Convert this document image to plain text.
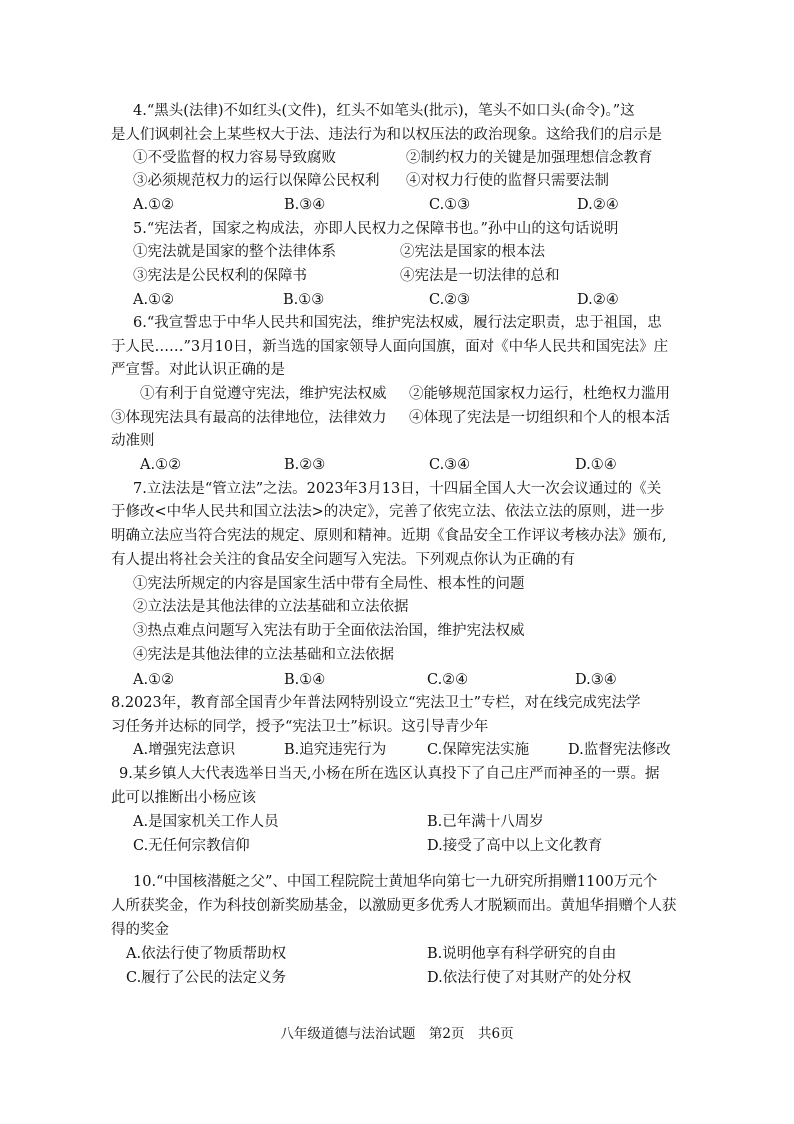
4.“黑头(法律)不如红头(文件)，红头不如笔头(批示)，笔头不如口头(命令)。”这
是人们讽刺社会上某些权大于法、违法行为和以权压法的政治现象。这给我们的启示是
①不受监督的权力容易导致腐败	②制约权力的关键是加强理想信念教育
③必须规范权力的运行以保障公民权利 ④对权力行使的监督只需要法制
A.①②	B.③④	C.①③	D.②④
5.“宪法者，国家之构成法，亦即人民权力之保障书也。”孙中山的这句话说明
①宪法就是国家的整个法律体系	②宪法是国家的根本法
③宪法是公民权利的保障书	④宪法是一切法律的总和
A.①②	B.①③	C.②③	D.②④
6.“我宣誓忠于中华人民共和国宪法，维护宪法权威，履行法定职责，忠于祖国，忠
于人民……”3月10日，新当选的国家领导人面向国旗，面对《中华人民共和国宪法》庄
严宣誓。对此认识正确的是
①有利于自觉遵守宪法，维护宪法权威 ②能够规范国家权力运行，杜绝权力滥用
③体现宪法具有最高的法律地位，法律效力 ④体现了宪法是一切组织和个人的根本活
动准则
A.①②	B.②③	C.③④	D.①④
7.立法法是“管立法”之法。2023年3月13日，十四届全国人大一次会议通过的《关
于修改<中华人民共和国立法法>的决定》，完善了依宪立法、依法立法的原则，进一步
明确立法应当符合宪法的规定、原则和精神。近期《食品安全工作评议考核办法》颁布,
有人提出将社会关注的食品安全问题写入宪法。下列观点你认为正确的有
①宪法所规定的内容是国家生活中带有全局性、根本性的问题
②立法法是其他法律的立法基础和立法依据
③热点难点问题写入宪法有助于全面依法治国，维护宪法权威
④宪法是其他法律的立法基础和立法依据
A.①②	B.①④	C.②④	D.③④
8.2023年，教育部全国青少年普法网特别设立“宪法卫士”专栏，对在线完成宪法学
习任务并达标的同学，授予“宪法卫士”标识。这引导青少年
A.增强宪法意识	B.追究违宪行为	C.保障宪法实施	D.监督宪法修改
9.某乡镇人大代表选举日当天,小杨在所在选区认真投下了自己庄严而神圣的一票。据
此可以推断出小杨应该
A.是国家机关工作人员	B.已年满十八周岁
C.无任何宗教信仰	D.接受了高中以上文化教育
10.“中国核潜艇之父”、中国工程院院士黄旭华向第七一九研究所捐赠1100万元个
人所获奖金，作为科技创新奖励基金，以激励更多优秀人才脱颖而出。黄旭华捐赠个人获
得的奖金
A.依法行使了物质帮助权	B.说明他享有科学研究的自由
C.履行了公民的法定义务	D.依法行使了对其财产的处分权
八年级道德与法治试题　第2页　共6页
